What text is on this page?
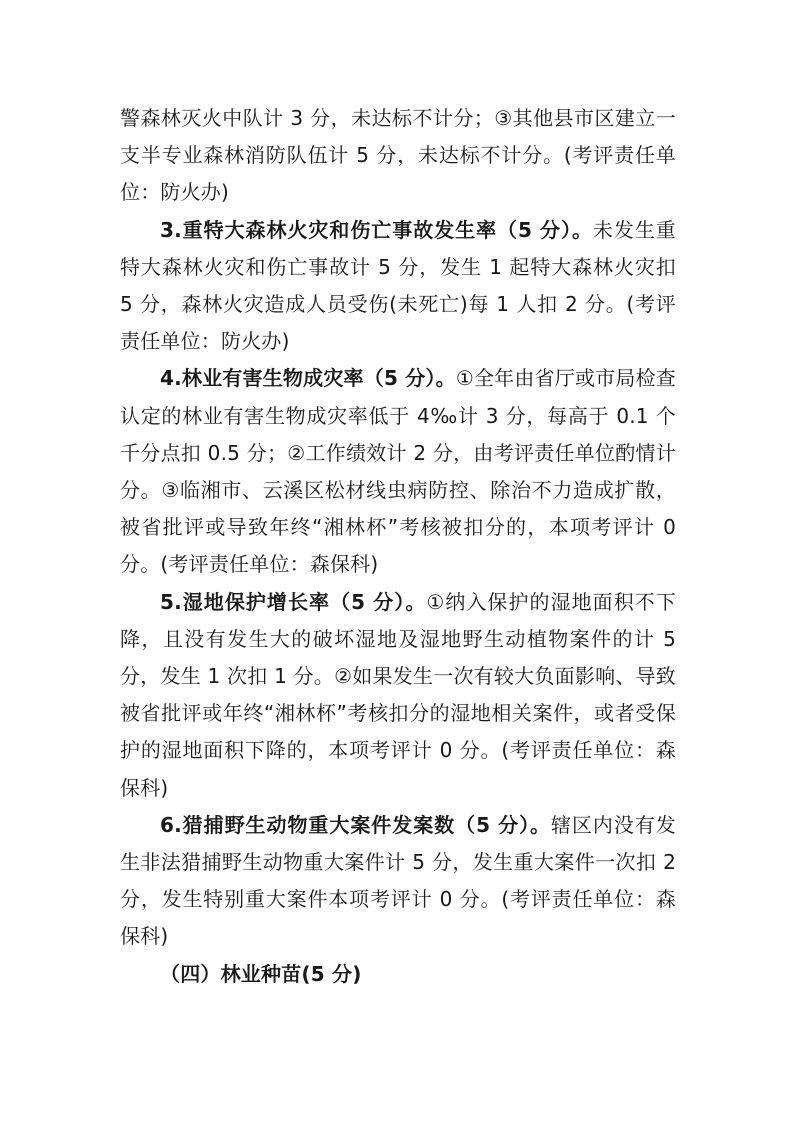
警森林灭火中队计 3 分，未达标不计分；③其他县市区建立一支半专业森林消防队伍计 5 分，未达标不计分。(考评责任单位：防火办)

3.重特大森林火灾和伤亡事故发生率（5 分）。未发生重特大森林火灾和伤亡事故计 5 分，发生 1 起特大森林火灾扣 5 分，森林火灾造成人员受伤(未死亡)每 1 人扣 2 分。(考评责任单位：防火办)

4.林业有害生物成灾率（5 分）。①全年由省厅或市局检查认定的林业有害生物成灾率低于 4‰计 3 分，每高于 0.1 个千分点扣 0.5 分；②工作绩效计 2 分，由考评责任单位酌情计分。③临湘市、云溪区松材线虫病防控、除治不力造成扩散，被省批评或导致年终“湘林杯”考核被扣分的，本项考评计 0 分。(考评责任单位：森保科)

5.湿地保护增长率（5 分）。①纳入保护的湿地面积不下降，且没有发生大的破坏湿地及湿地野生动植物案件的计 5 分，发生 1 次扣 1 分。②如果发生一次有较大负面影响、导致被省批评或年终“湘林杯”考核扣分的湿地相关案件，或者受保护的湿地面积下降的，本项考评计 0 分。(考评责任单位：森保科)

6.猎捕野生动物重大案件发案数（5 分）。辖区内没有发生非法猎捕野生动物重大案件计 5 分，发生重大案件一次扣 2 分，发生特别重大案件本项考评计 0 分。(考评责任单位：森保科)

（四）林业种苗(5 分)
